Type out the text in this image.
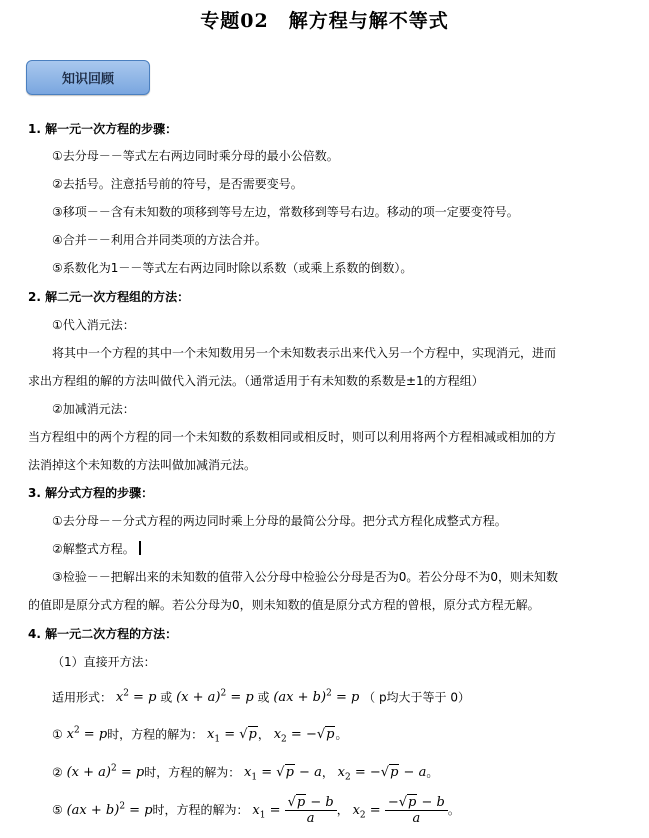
专题02　解方程与解不等式
知识回顾
1. 解一元一次方程的步骤：
①去分母－－等式左右两边同时乘分母的最小公倍数。
②去括号。注意括号前的符号，是否需要变号。
③移项－－含有未知数的项移到等号左边，常数移到等号右边。移动的项一定要变符号。
④合并－－利用合并同类项的方法合并。
⑤系数化为1－－等式左右两边同时除以系数（或乘上系数的倒数）。
2. 解二元一次方程组的方法：
①代入消元法：
将其中一个方程的其中一个未知数用另一个未知数表示出来代入另一个方程中，实现消元，进而
求出方程组的解的方法叫做代入消元法。（通常适用于有未知数的系数是±1的方程组）
②加减消元法：
当方程组中的两个方程的同一个未知数的系数相同或相反时，则可以利用将两个方程相减或相加的方
法消掉这个未知数的方法叫做加减消元法。
3. 解分式方程的步骤：
①去分母－－分式方程的两边同时乘上分母的最简公分母。把分式方程化成整式方程。
②解整式方程。
③检验－－把解出来的未知数的值带入公分母中检验公分母是否为0。若公分母不为0，则未知数
的值即是原分式方程的解。若公分母为0，则未知数的值是原分式方程的曾根，原分式方程无解。
4. 解一元二次方程的方法：
（1）直接开方法：
适用形式： $x^2 = p$ 或 $(x + a)^2 = p$ 或 (ax + b)$^2$ = p （ p均大于等于 0）
① $x^2 = p$时，方程的解为： $x_1 = √p$， $x_2 = -√p$。
② $(x + a)^2 = p$时，方程的解为： $x_1 = √p - a$， $x_2 = -√p - a$。
⑤ (ax + b)$^2$ = p时，方程的解为： $x_1 = \frac{√p - b}{a}$ ， $x_2 = \frac{-√p - b}{a}$ 。
